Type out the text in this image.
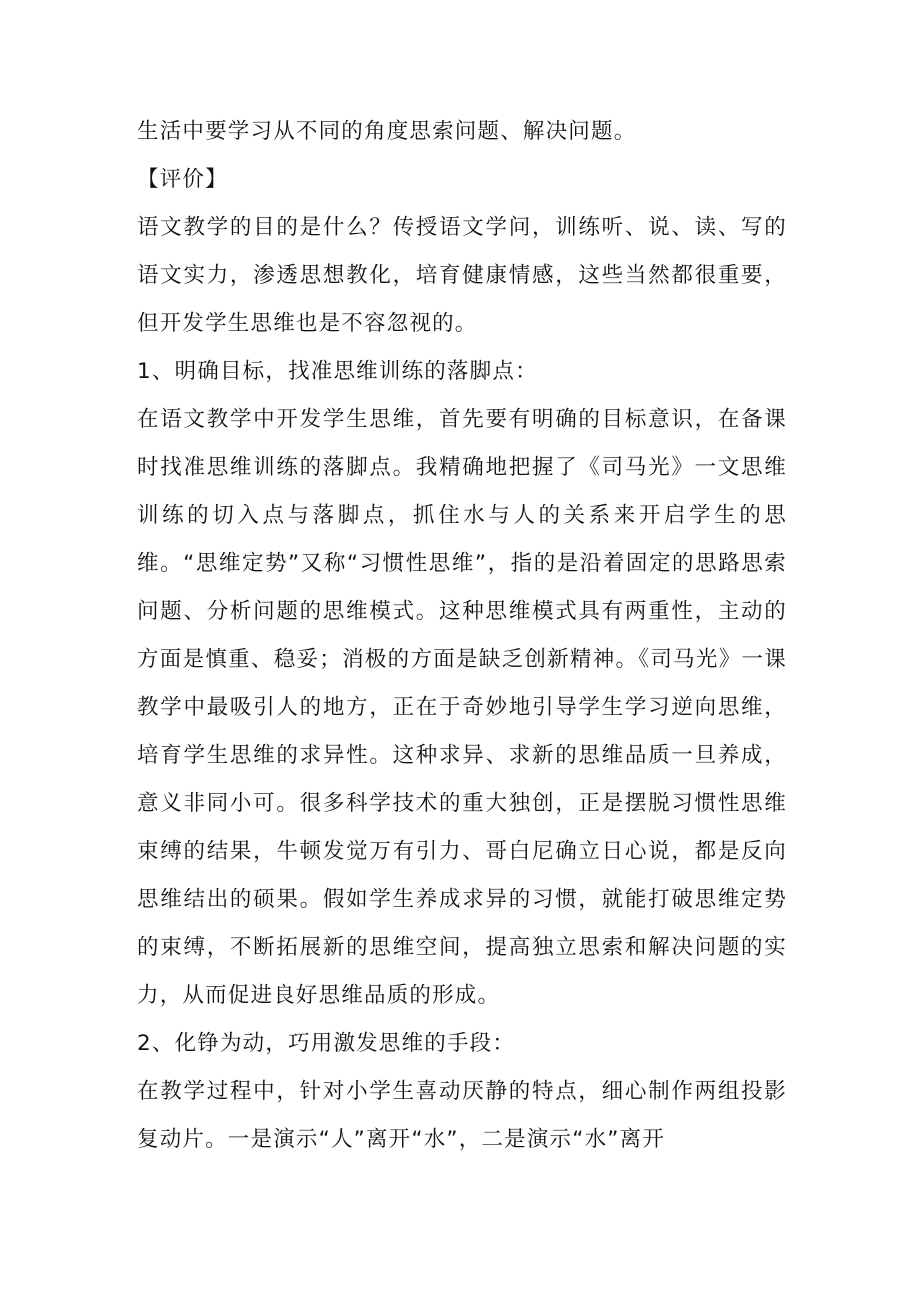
生活中要学习从不同的角度思索问题、解决问题。

【评价】

语文教学的目的是什么？传授语文学问，训练听、说、读、写的语文实力，渗透思想教化，培育健康情感，这些当然都很重要，但开发学生思维也是不容忽视的。

1、明确目标，找准思维训练的落脚点：

在语文教学中开发学生思维，首先要有明确的目标意识，在备课时找准思维训练的落脚点。我精确地把握了《司马光》一文思维训练的切入点与落脚点，抓住水与人的关系来开启学生的思维。“思维定势”又称“习惯性思维”，指的是沿着固定的思路思索问题、分析问题的思维模式。这种思维模式具有两重性，主动的方面是慎重、稳妥；消极的方面是缺乏创新精神。《司马光》一课教学中最吸引人的地方，正在于奇妙地引导学生学习逆向思维，培育学生思维的求异性。这种求异、求新的思维品质一旦养成，意义非同小可。很多科学技术的重大独创，正是摆脱习惯性思维束缚的结果，牛顿发觉万有引力、哥白尼确立日心说，都是反向思维结出的硕果。假如学生养成求异的习惯，就能打破思维定势的束缚，不断拓展新的思维空间，提高独立思索和解决问题的实力，从而促进良好思维品质的形成。

2、化铮为动，巧用激发思维的手段：

在教学过程中，针对小学生喜动厌静的特点，细心制作两组投影复动片。一是演示“人”离开“水”，二是演示“水”离开
